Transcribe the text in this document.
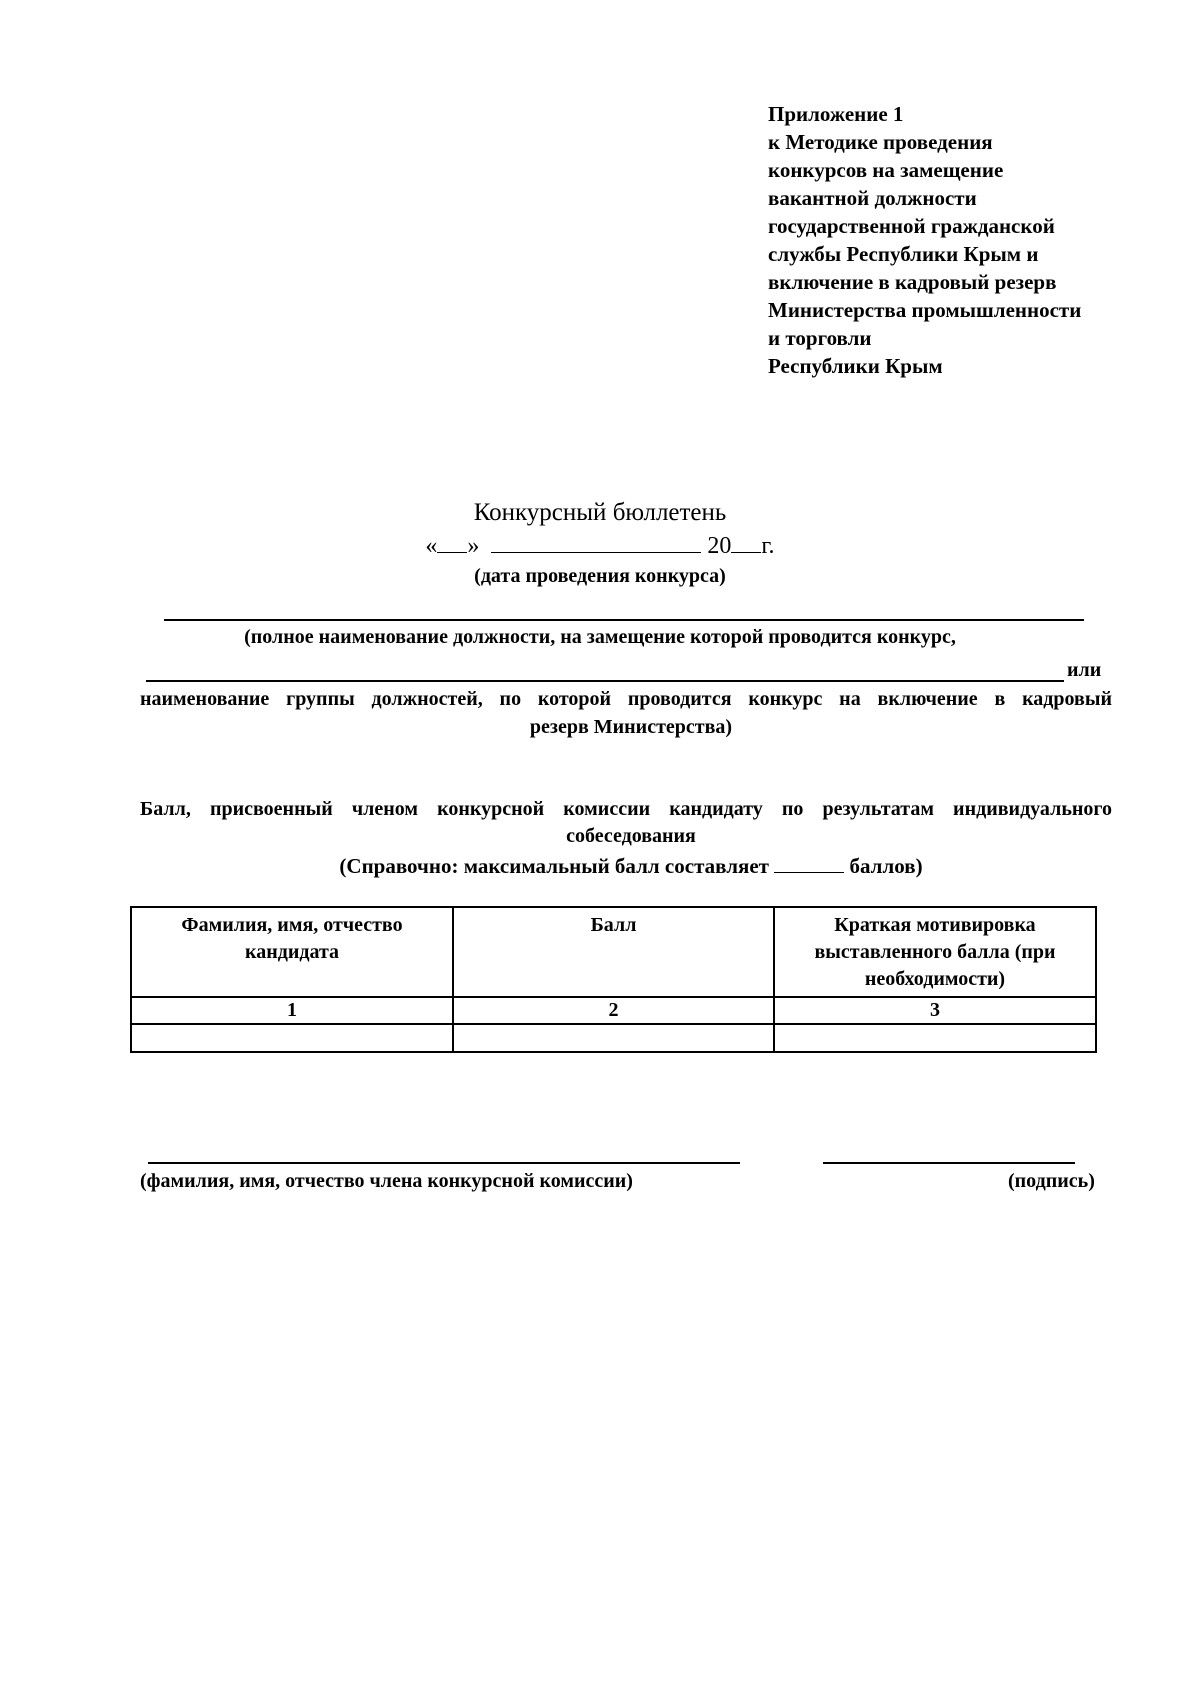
Приложение 1
к Методике проведения
конкурсов на замещение
вакантной должности
государственной гражданской
службы Республики Крым и
включение в кадровый резерв
Министерства промышленности
и торговли
Республики Крым
Конкурсный бюллетень
« »	20 г.
(дата проведения конкурса)
(полное наименование должности, на замещение которой проводится конкурс,
или
наименование группы должностей, по которой проводится конкурс на включение в кадровый
резерв Министерства)
Балл, присвоенный членом конкурсной комиссии кандидату по результатам индивидуального
собеседования
(Справочно: максимальный балл составляет	баллов)
Фамилия, имя, отчество кандидата	Балл	Краткая мотивировка выставленного балла (при необходимости)
1	2	3

(фамилия, имя, отчество члена конкурсной комиссии)	(подпись)
